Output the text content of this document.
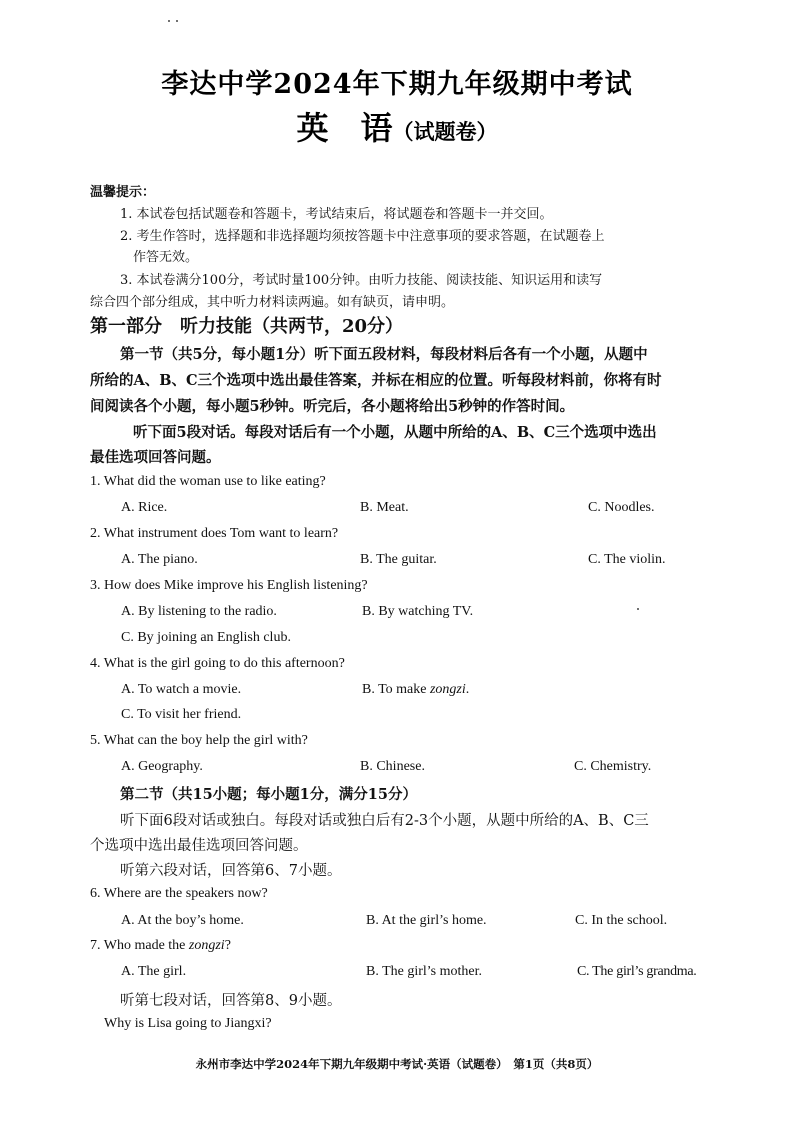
李达中学2024年下期九年级期中考试
英　语（试题卷）
温馨提示：
1. 本试卷包括试题卷和答题卡，考试结束后，将试题卷和答题卡一并交回。
2. 考生作答时，选择题和非选择题均须按答题卡中注意事项的要求答题，在试题卷上
作答无效。
3. 本试卷满分100分，考试时量100分钟。由听力技能、阅读技能、知识运用和读写
综合四个部分组成，其中听力材料读两遍。如有缺页，请申明。
第一部分　听力技能（共两节，20分）
第一节（共5分，每小题1分）听下面五段材料，每段材料后各有一个小题，从题中
所给的A、B、C三个选项中选出最佳答案，并标在相应的位置。听每段材料前，你将有时
间阅读各个小题，每小题5秒钟。听完后，各小题将给出5秒钟的作答时间。
听下面5段对话。每段对话后有一个小题，从题中所给的A、B、C三个选项中选出
最佳选项回答问题。
1. What did the woman use to like eating?
A. Rice.	B. Meat.	C. Noodles.
2. What instrument does Tom want to learn?
A. The piano.	B. The guitar.	C. The violin.
3. How does Mike improve his English listening?
A. By listening to the radio.	B. By watching TV.
C. By joining an English club.
4. What is the girl going to do this afternoon?
A. To watch a movie.	B. To make zongzi.
C. To visit her friend.
5. What can the boy help the girl with?
A. Geography.	B. Chinese.	C. Chemistry.
第二节（共15小题；每小题1分，满分15分）
听下面6段对话或独白。每段对话或独白后有2-3个小题，从题中所给的A、B、C三
个选项中选出最佳选项回答问题。
听第六段对话，回答第6、7小题。
6. Where are the speakers now?
A. At the boy’s home.	B. At the girl’s home.	C. In the school.
7. Who made the zongzi?
A. The girl.	B. The girl’s mother.	C. The girl’s grandma.
听第七段对话，回答第8、9小题。
Why is Lisa going to Jiangxi?
永州市李达中学2024年下期九年级期中考试·英语（试题卷）　第1页（共8页）
